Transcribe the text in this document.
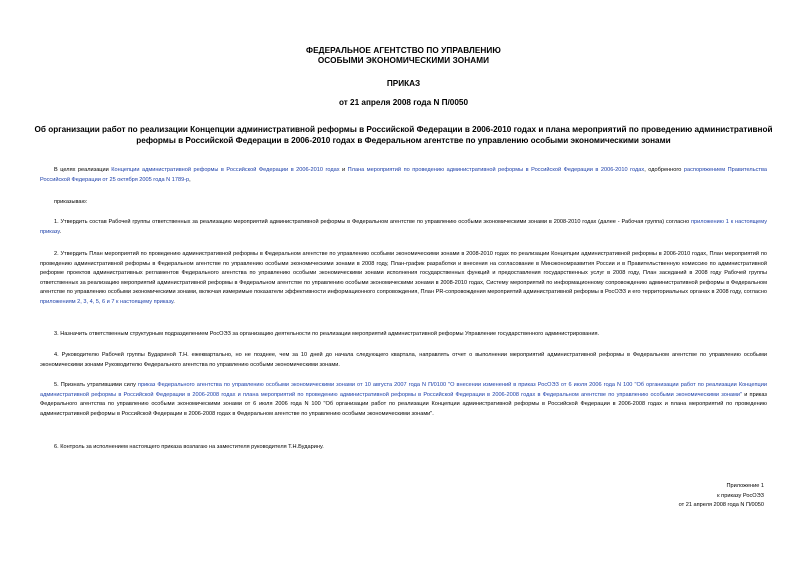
ФЕДЕРАЛЬНОЕ АГЕНТСТВО ПО УПРАВЛЕНИЮ
ОСОБЫМИ ЭКОНОМИЧЕСКИМИ ЗОНАМИ
ПРИКАЗ
от 21 апреля 2008 года N П/0050
Об организации работ по реализации Концепции административной реформы в Российской Федерации в 2006-2010 годах и плана мероприятий по проведению административной реформы в Российской Федерации в 2006-2010 годах в Федеральном агентстве по управлению особыми экономическими зонами
В целях реализации Концепции административной реформы в Российской Федерации в 2006-2010 годах и Плана мероприятий по проведению административной реформы в Российской Федерации в 2006-2010 годах, одобренного распоряжением Правительства Российской Федерации от 25 октября 2005 года N 1789-р,
приказываю:
1. Утвердить состав Рабочей группы ответственных за реализацию мероприятий административной реформы в Федеральном агентстве по управлению особыми экономическими зонами в 2008-2010 годах (далее - Рабочая группа) согласно приложению 1 к настоящему приказу.
2. Утвердить План мероприятий по проведению административной реформы в Федеральном агентстве по управлению особыми экономическими зонами в 2008-2010 годах по реализации Концепции административной реформы в 2006-2010 годах, План мероприятий по проведению административной реформы в Федеральном агентстве по управлению особыми экономическими зонами в 2008 году, План-график разработки и внесения на согласование в Минэкономразвития России и в Правительственную комиссию по административной реформе проектов административных регламентов Федерального агентства по управлению особыми экономическими зонами исполнения государственных функций и предоставления государственных услуг в 2008 году, План заседаний в 2008 году Рабочей группы ответственных за реализацию мероприятий административной реформы в Федеральном агентстве по управлению особыми экономическими зонами в 2008-2010 годах, Систему мероприятий по информационному сопровождению административной реформы в Федеральном агентстве по управлению особыми экономическими зонами, включая измеримые показатели эффективности информационного сопровождения, План PR-сопровождения мероприятий административной реформы в РосОЭЗ и его территориальных органах в 2008 году, согласно приложениям 2, 3, 4, 5, 6 и 7 к настоящему приказу.
3. Назначить ответственным структурным подразделением РосОЭЗ за организацию деятельности по реализации мероприятий административной реформы Управление государственного администрирования.
4. Руководителю Рабочей группы Будариной Т.Н. ежеквартально, но не позднее, чем за 10 дней до начала следующего квартала, направлять отчет о выполнении мероприятий административной реформы в Федеральном агентстве по управлению особыми экономическими зонами Руководителю Федерального агентства по управлению особыми экономическими зонами.
5. Признать утратившими силу приказ Федерального агентства по управлению особыми экономическими зонами от 10 августа 2007 года N П/0100 "О внесении изменений в приказ РосОЭЗ от 6 июля 2006 года N 100 "Об организации работ по реализации Концепции административной реформы в Российской Федерации в 2006-2008 годах и плана мероприятий по проведению административной реформы в Российской Федерации в 2006-2008 годах в Федеральном агентстве по управлению особыми экономическими зонами" и приказ Федерального агентства по управлению особыми экономическими зонами от 6 июля 2006 года N 100 "Об организации работ по реализации Концепции административной реформы в Российской Федерации в 2006-2008 годах и плана мероприятий по проведению административной реформы в Российской Федерации в 2006-2008 годах в Федеральном агентстве по управлению особыми экономическими зонами".
6. Контроль за исполнением настоящего приказа возлагаю на заместителя руководителя Т.Н.Бударину.
Приложение 1
к приказу РосОЭЗ
от 21 апреля 2008 года N П/0050
